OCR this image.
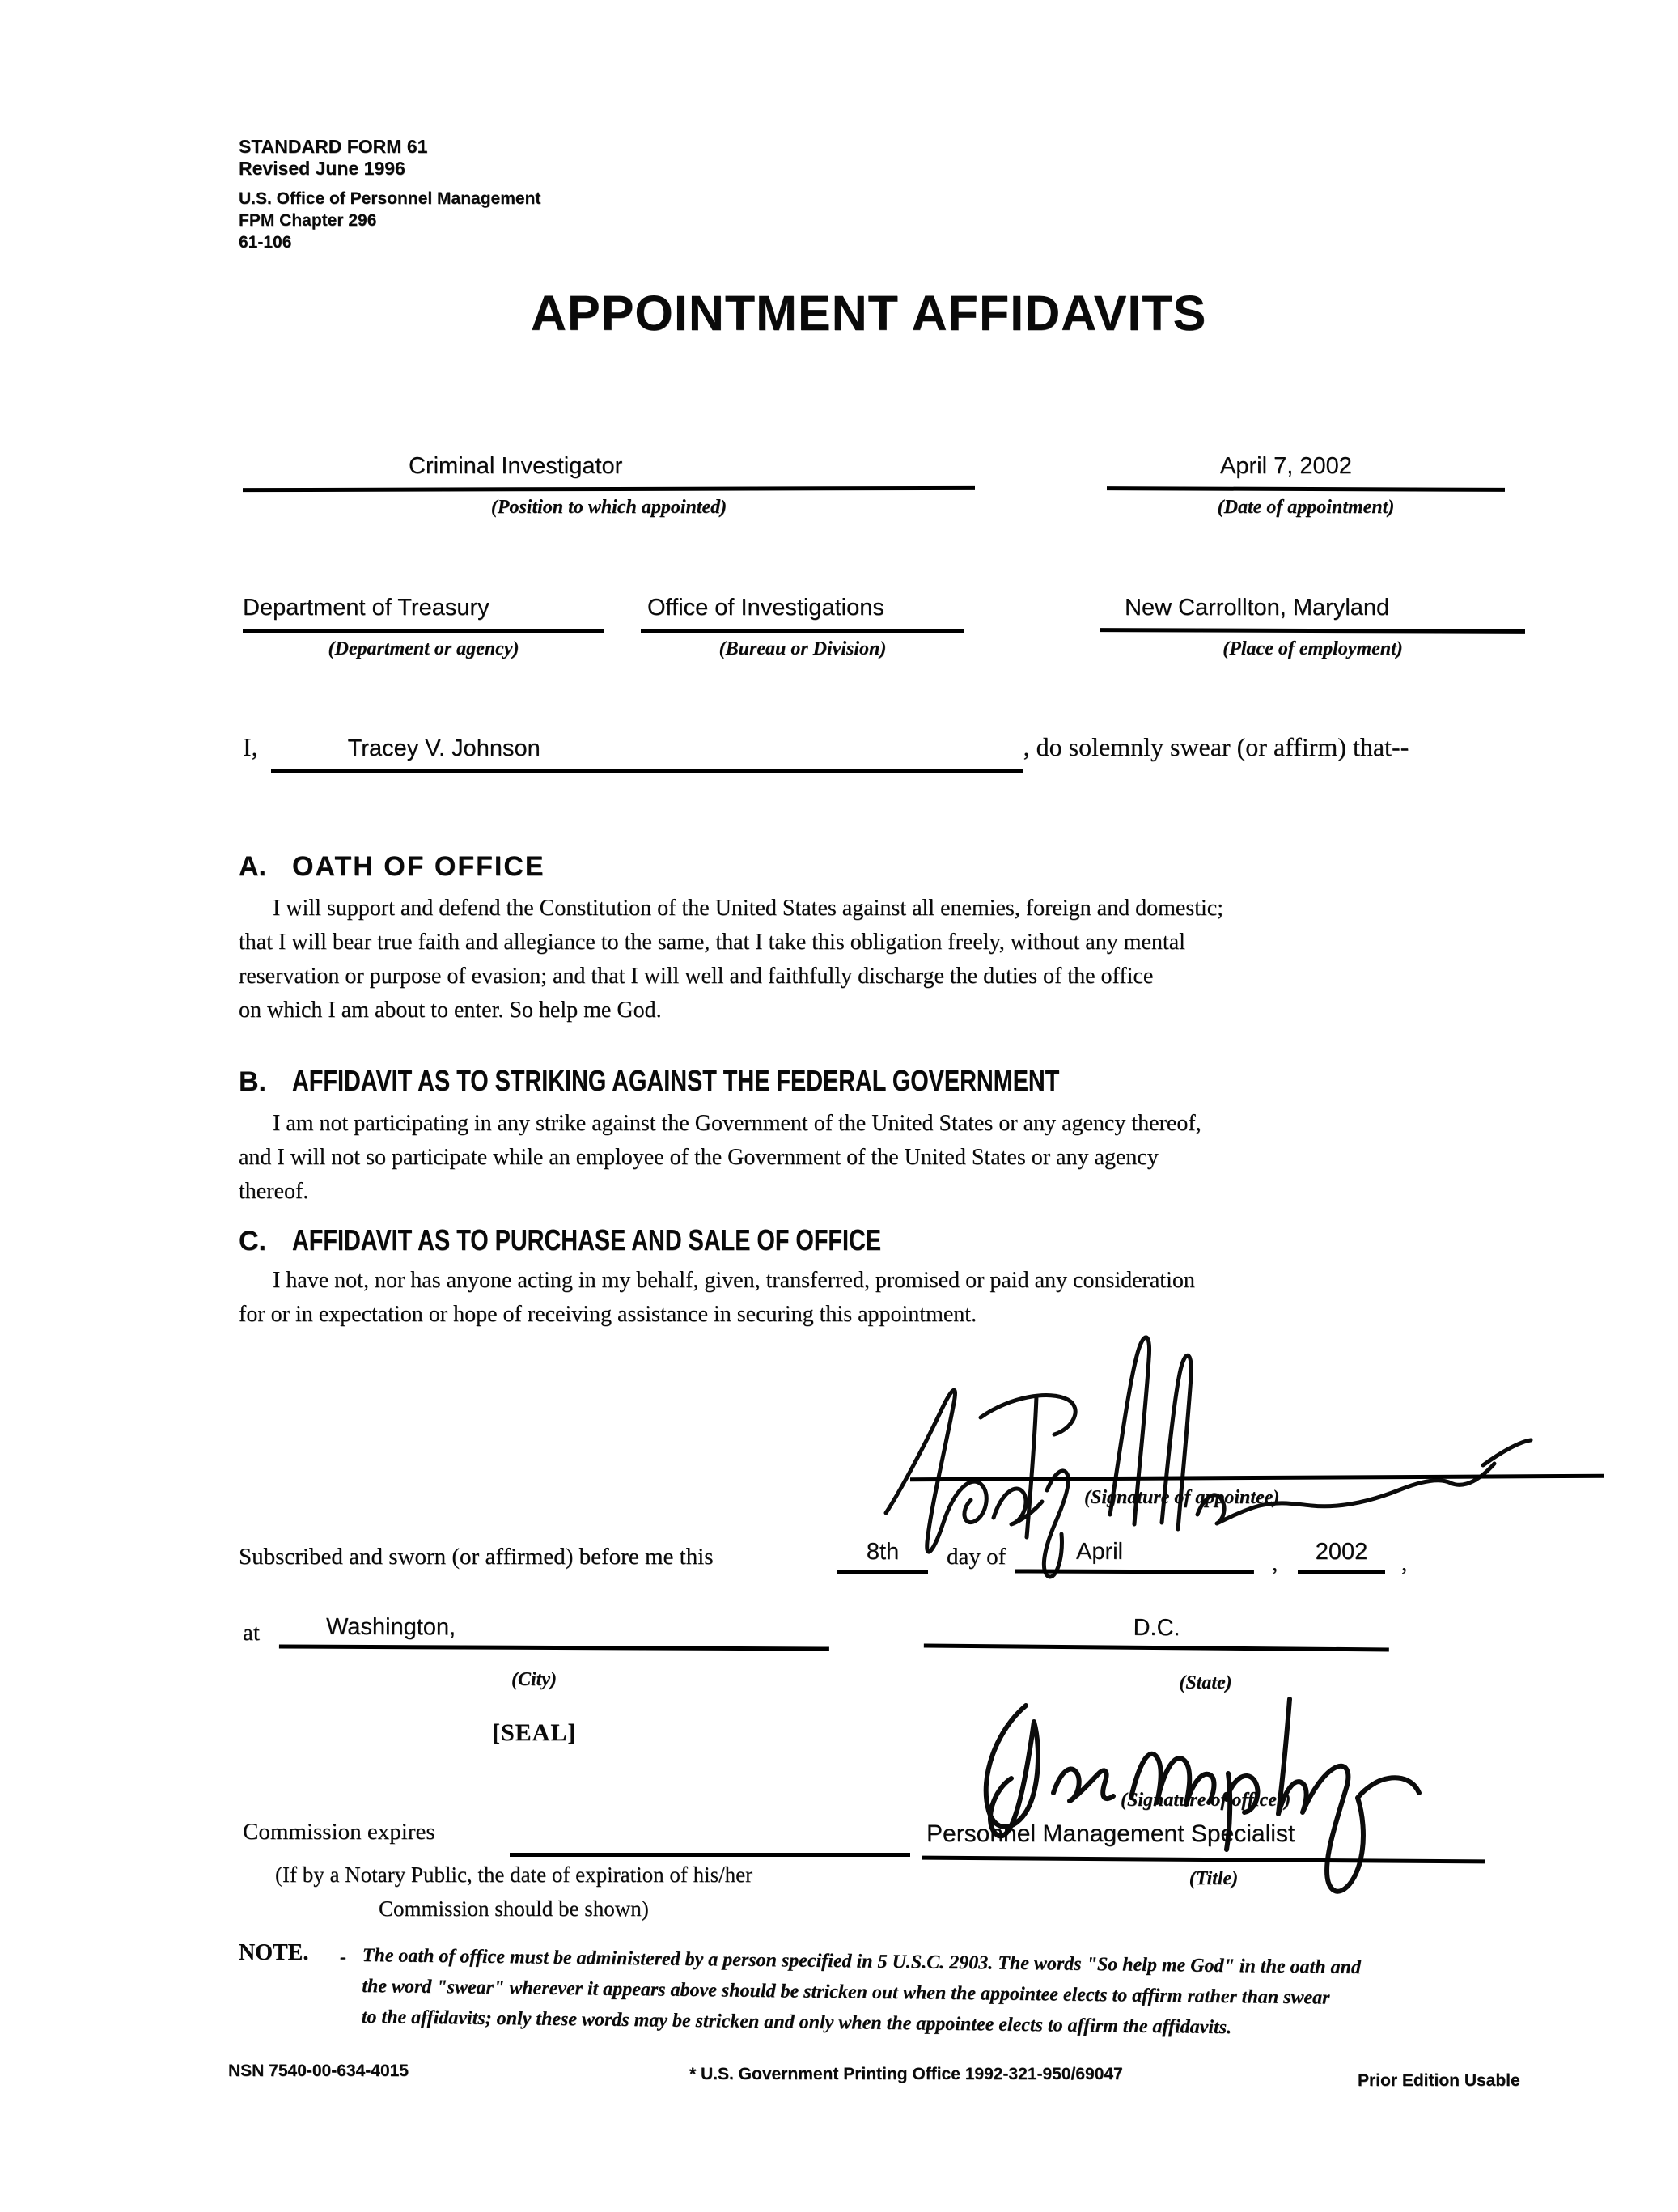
STANDARD FORM 61
Revised June 1996
U.S. Office of Personnel Management
FPM Chapter 296
61-106
APPOINTMENT AFFIDAVITS
Criminal Investigator
(Position to which appointed)
April 7, 2002
(Date of appointment)
Department of Treasury
(Department or agency)
Office of Investigations
(Bureau or Division)
New Carrollton, Maryland
(Place of employment)
I,	Tracey V. Johnson	, do solemnly swear (or affirm) that--
A. OATH OF OFFICE
I will support and defend the Constitution of the United States against all enemies, foreign and domestic;
that I will bear true faith and allegiance to the same, that I take this obligation freely, without any mental
reservation or purpose of evasion; and that I will well and faithfully discharge the duties of the office
on which I am about to enter. So help me God.
B. AFFIDAVIT AS TO STRIKING AGAINST THE FEDERAL GOVERNMENT
I am not participating in any strike against the Government of the United States or any agency thereof,
and I will not so participate while an employee of the Government of the United States or any agency
thereof.
C. AFFIDAVIT AS TO PURCHASE AND SALE OF OFFICE
I have not, nor has anyone acting in my behalf, given, transferred, promised or paid any consideration
for or in expectation or hope of receiving assistance in securing this appointment.
(Signature of appointee)
Subscribed and sworn (or affirmed) before me this	8th	day of	April	,	2002	,
at	Washington,
(City)
D.C.
(State)
[SEAL]
(Signature of officer)
Personnel Management Specialist
(Title)
Commission expires
(If by a Notary Public, the date of expiration of his/her
Commission should be shown)
NOTE. - The oath of office must be administered by a person specified in 5 U.S.C. 2903. The words "So help me God" in the oath and
the word "swear" wherever it appears above should be stricken out when the appointee elects to affirm rather than swear
to the affidavits; only these words may be stricken and only when the appointee elects to affirm the affidavits.
NSN 7540-00-634-4015	* U.S. Government Printing Office 1992-321-950/69047	Prior Edition Usable
